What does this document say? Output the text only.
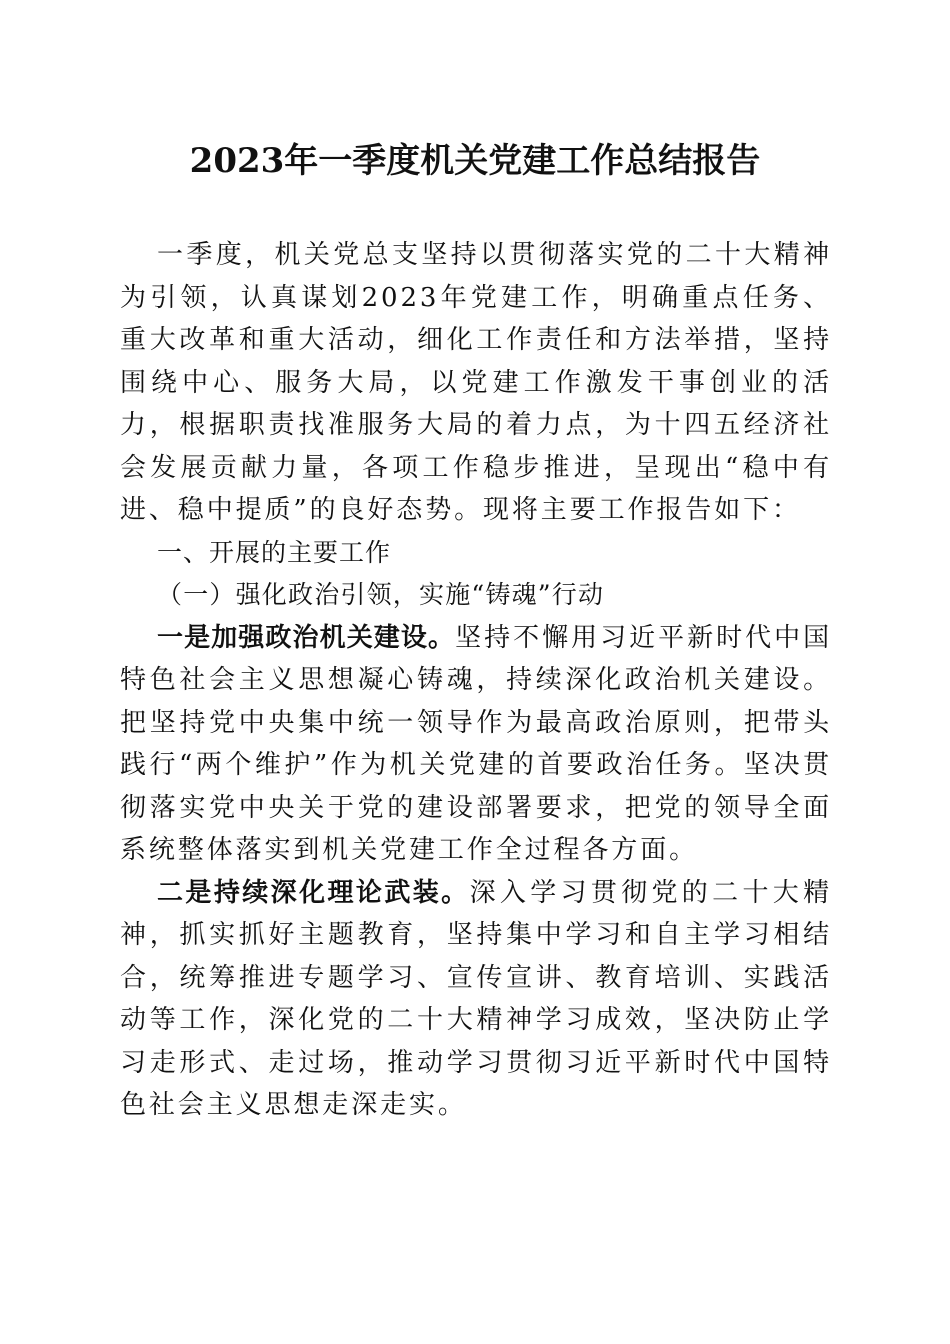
2023年一季度机关党建工作总结报告

一季度，机关党总支坚持以贯彻落实党的二十大精神为引领，认真谋划2023年党建工作，明确重点任务、重大改革和重大活动，细化工作责任和方法举措，坚持围绕中心、服务大局，以党建工作激发干事创业的活力，根据职责找准服务大局的着力点，为十四五经济社会发展贡献力量，各项工作稳步推进，呈现出“稳中有进、稳中提质”的良好态势。现将主要工作报告如下：

一、开展的主要工作

（一）强化政治引领，实施“铸魂”行动

一是加强政治机关建设。坚持不懈用习近平新时代中国特色社会主义思想凝心铸魂，持续深化政治机关建设。把坚持党中央集中统一领导作为最高政治原则，把带头践行“两个维护”作为机关党建的首要政治任务。坚决贯彻落实党中央关于党的建设部署要求，把党的领导全面系统整体落实到机关党建工作全过程各方面。

二是持续深化理论武装。深入学习贯彻党的二十大精神，抓实抓好主题教育，坚持集中学习和自主学习相结合，统筹推进专题学习、宣传宣讲、教育培训、实践活动等工作，深化党的二十大精神学习成效，坚决防止学习走形式、走过场，推动学习贯彻习近平新时代中国特色社会主义思想走深走实。
